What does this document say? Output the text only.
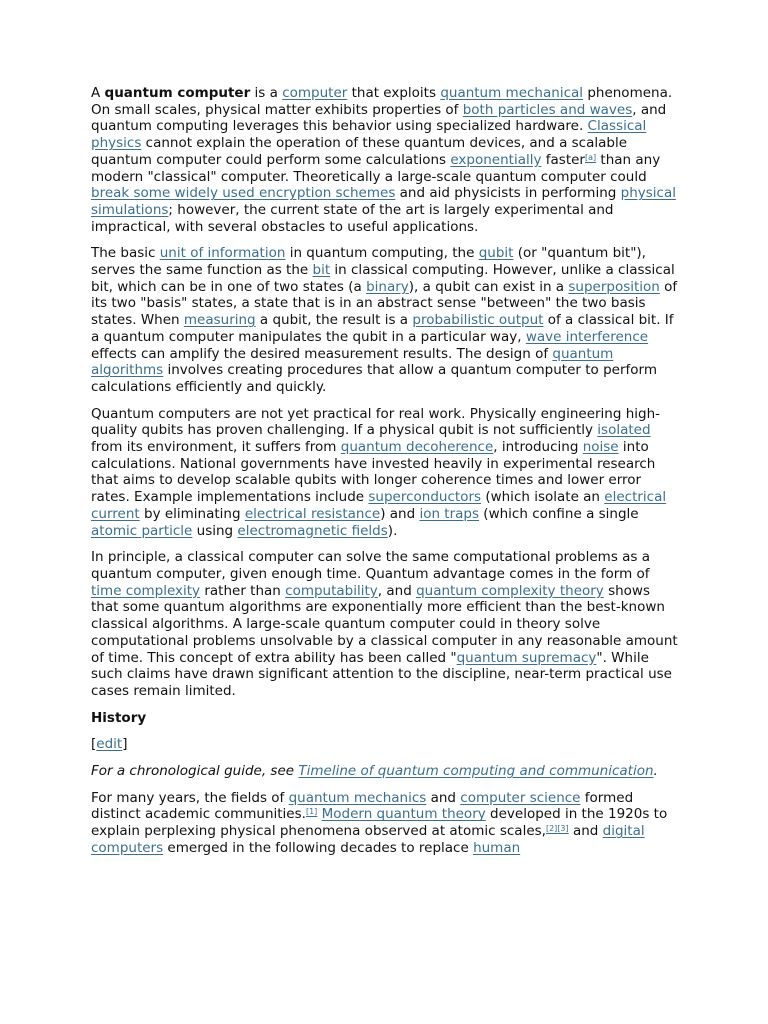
A quantum computer is a computer that exploits quantum mechanical phenomena. On small scales, physical matter exhibits properties of both particles and waves, and quantum computing leverages this behavior using specialized hardware. Classical physics cannot explain the operation of these quantum devices, and a scalable quantum computer could perform some calculations exponentially faster[a] than any modern "classical" computer. Theoretically a large-scale quantum computer could break some widely used encryption schemes and aid physicists in performing physical simulations; however, the current state of the art is largely experimental and impractical, with several obstacles to useful applications.

The basic unit of information in quantum computing, the qubit (or "quantum bit"), serves the same function as the bit in classical computing. However, unlike a classical bit, which can be in one of two states (a binary), a qubit can exist in a superposition of its two "basis" states, a state that is in an abstract sense "between" the two basis states. When measuring a qubit, the result is a probabilistic output of a classical bit. If a quantum computer manipulates the qubit in a particular way, wave interference effects can amplify the desired measurement results. The design of quantum algorithms involves creating procedures that allow a quantum computer to perform calculations efficiently and quickly.

Quantum computers are not yet practical for real work. Physically engineering high-quality qubits has proven challenging. If a physical qubit is not sufficiently isolated from its environment, it suffers from quantum decoherence, introducing noise into calculations. National governments have invested heavily in experimental research that aims to develop scalable qubits with longer coherence times and lower error rates. Example implementations include superconductors (which isolate an electrical current by eliminating electrical resistance) and ion traps (which confine a single atomic particle using electromagnetic fields).

In principle, a classical computer can solve the same computational problems as a quantum computer, given enough time. Quantum advantage comes in the form of time complexity rather than computability, and quantum complexity theory shows that some quantum algorithms are exponentially more efficient than the best-known classical algorithms. A large-scale quantum computer could in theory solve computational problems unsolvable by a classical computer in any reasonable amount of time. This concept of extra ability has been called "quantum supremacy". While such claims have drawn significant attention to the discipline, near-term practical use cases remain limited.

History

[edit]

For a chronological guide, see Timeline of quantum computing and communication.

For many years, the fields of quantum mechanics and computer science formed distinct academic communities.[1] Modern quantum theory developed in the 1920s to explain perplexing physical phenomena observed at atomic scales,[2][3] and digital computers emerged in the following decades to replace human
